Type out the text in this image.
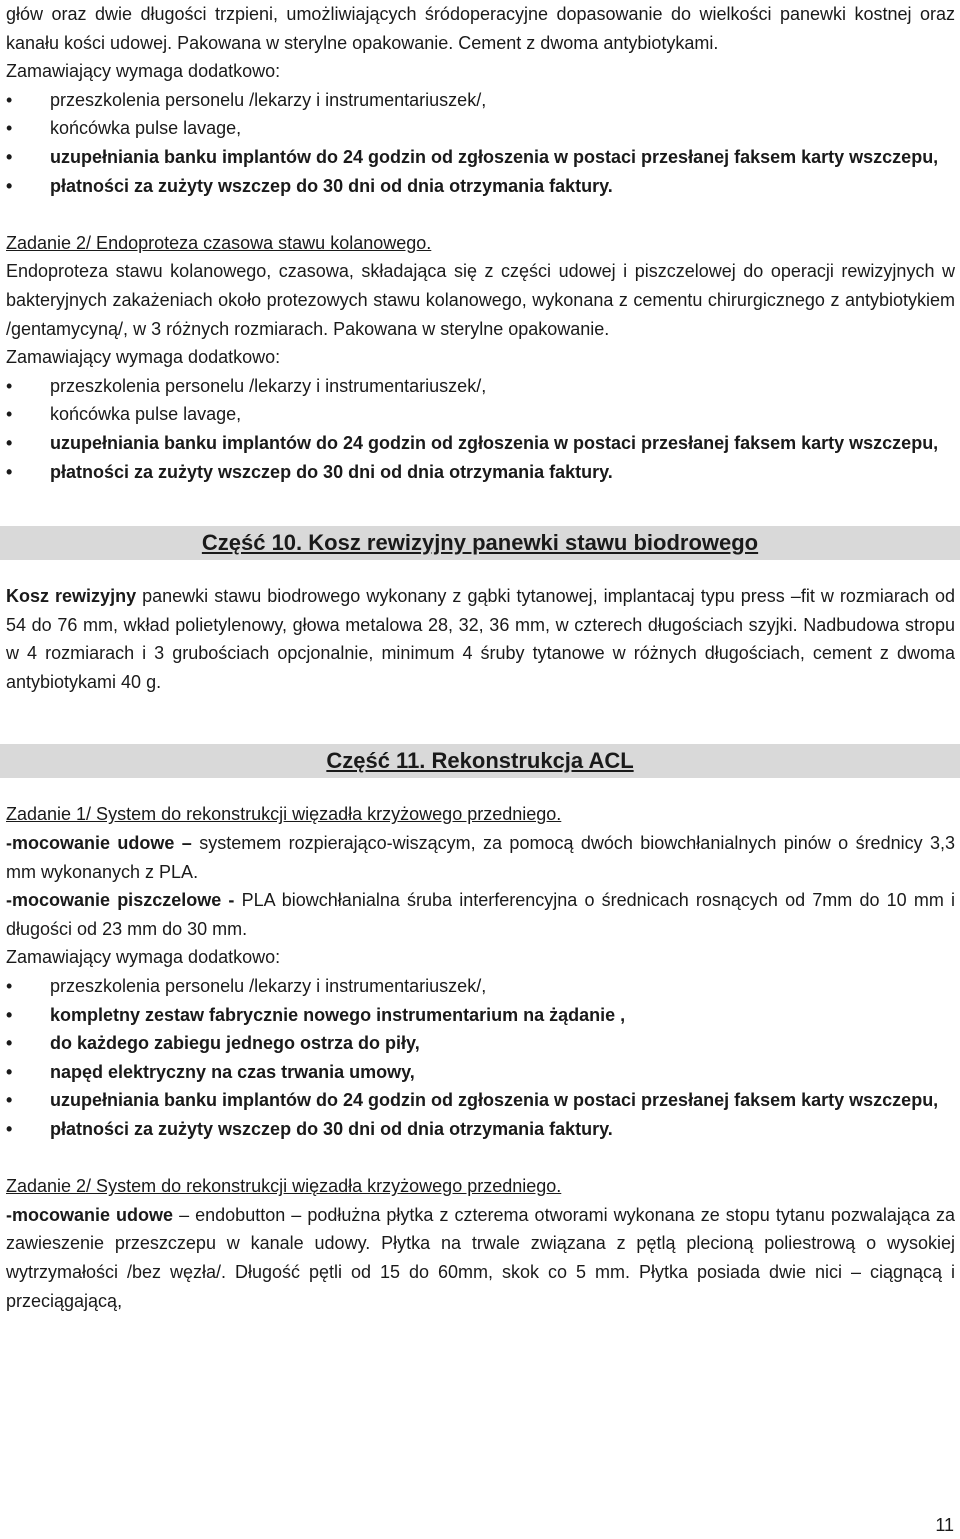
głów oraz dwie długości trzpieni, umożliwiających śródoperacyjne dopasowanie do wielkości panewki kostnej oraz kanału kości udowej. Pakowana w sterylne opakowanie. Cement z dwoma antybiotykami.

Zamawiający wymaga dodatkowo:

• przeszkolenia personelu /lekarzy i instrumentariuszek/,
• końcówka pulse lavage,
• uzupełniania banku implantów do 24 godzin od zgłoszenia w postaci przesłanej faksem karty wszczepu,
• płatności za zużyty wszczep do 30 dni od dnia otrzymania faktury.

Zadanie 2/ Endoproteza czasowa stawu kolanowego.

Endoproteza stawu kolanowego, czasowa, składająca się z części udowej i piszczelowej do operacji rewizyjnych w bakteryjnych zakażeniach około protezowych stawu kolanowego, wykonana z cementu chirurgicznego z antybiotykiem /gentamycyną/, w 3 różnych rozmiarach. Pakowana w sterylne opakowanie.

Zamawiający wymaga dodatkowo:

• przeszkolenia personelu /lekarzy i instrumentariuszek/,
• końcówka pulse lavage,
• uzupełniania banku implantów do 24 godzin od zgłoszenia w postaci przesłanej faksem karty wszczepu,
• płatności za zużyty wszczep do 30 dni od dnia otrzymania faktury.
Część 10. Kosz rewizyjny panewki stawu biodrowego

Kosz rewizyjny panewki stawu biodrowego wykonany z gąbki tytanowej, implantacaj typu press –fit w rozmiarach od 54 do 76 mm, wkład polietylenowy, głowa metalowa 28, 32, 36 mm, w czterech długościach szyjki. Nadbudowa stropu w 4 rozmiarach i 3 grubościach opcjonalnie, minimum 4 śruby tytanowe w różnych długościach, cement z dwoma antybiotykami 40 g.

Część 11. Rekonstrukcja ACL

Zadanie 1/ System do rekonstrukcji więzadła krzyżowego przedniego.

-mocowanie udowe – systemem rozpierająco-wiszącym, za pomocą dwóch biowchłanialnych pinów o średnicy 3,3 mm wykonanych z PLA.

-mocowanie piszczelowe - PLA biowchłanialna śruba interferencyjna o średnicach rosnących od 7mm do 10 mm i długości od 23 mm do 30 mm.

Zamawiający wymaga dodatkowo:

• przeszkolenia personelu /lekarzy i instrumentariuszek/,
• kompletny zestaw fabrycznie nowego instrumentarium na żądanie ,
• do każdego zabiegu jednego ostrza do piły,
• napęd elektryczny na czas trwania umowy,
• uzupełniania banku implantów do 24 godzin od zgłoszenia w postaci przesłanej faksem karty wszczepu,
• płatności za zużyty wszczep do 30 dni od dnia otrzymania faktury.

Zadanie 2/ System do rekonstrukcji więzadła krzyżowego przedniego.

-mocowanie udowe – endobutton – podłużna płytka z czterema otworami wykonana ze stopu tytanu pozwalająca za zawieszenie przeszczepu w kanale udowy. Płytka na trwale związana z pętlą plecioną poliestrową o wysokiej wytrzymałości /bez węzła/. Długość pętli od 15 do 60mm, skok co 5 mm. Płytka posiada dwie nici – ciągnącą i przeciągającą,

11
